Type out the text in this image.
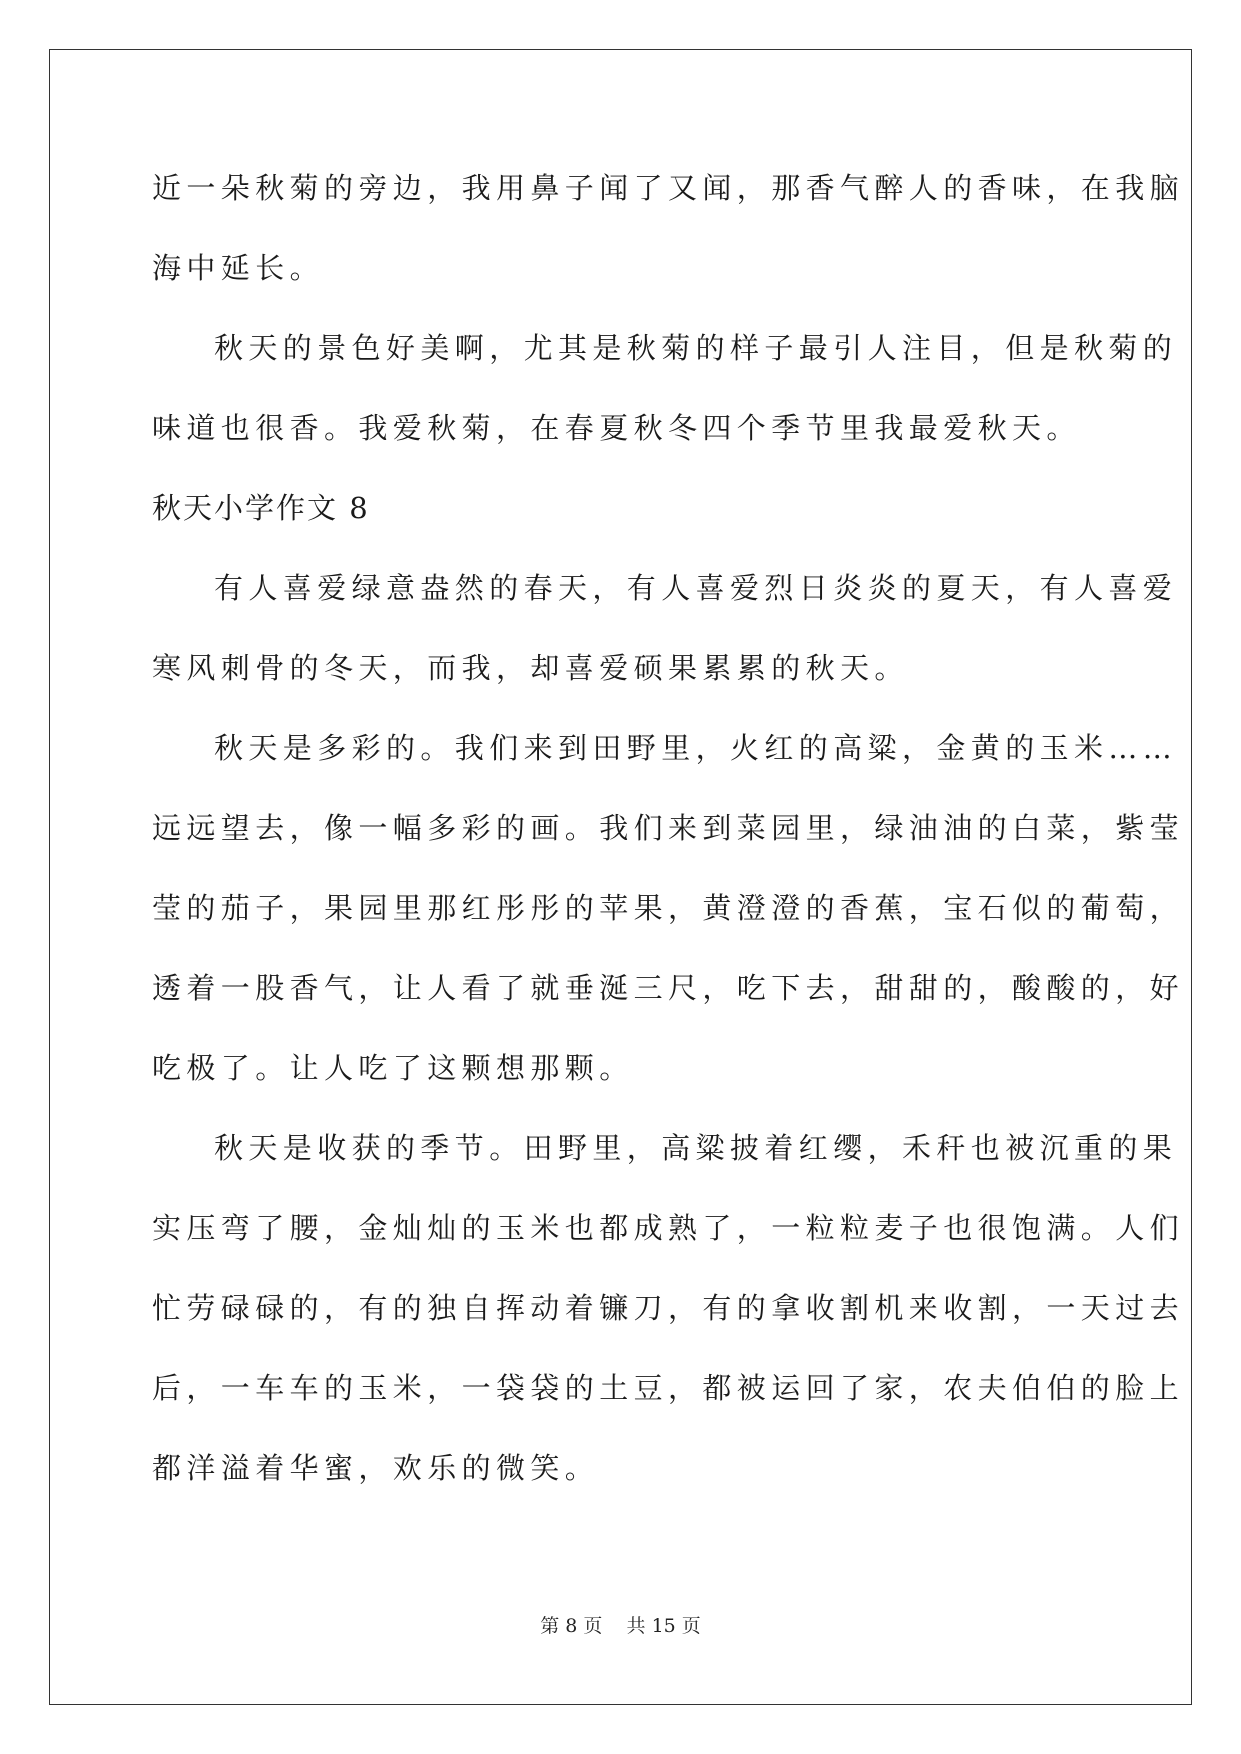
近一朵秋菊的旁边，我用鼻子闻了又闻，那香气醉人的香味，在我脑
海中延长。
秋天的景色好美啊，尤其是秋菊的样子最引人注目，但是秋菊的
味道也很香。我爱秋菊，在春夏秋冬四个季节里我最爱秋天。
秋天小学作文 8
有人喜爱绿意盎然的春天，有人喜爱烈日炎炎的夏天，有人喜爱
寒风刺骨的冬天，而我，却喜爱硕果累累的秋天。
秋天是多彩的。我们来到田野里，火红的高粱，金黄的玉米……
远远望去，像一幅多彩的画。我们来到菜园里，绿油油的白菜，紫莹
莹的茄子，果园里那红彤彤的苹果，黄澄澄的香蕉，宝石似的葡萄，
透着一股香气，让人看了就垂涎三尺，吃下去，甜甜的，酸酸的，好
吃极了。让人吃了这颗想那颗。
秋天是收获的季节。田野里，高粱披着红缨，禾秆也被沉重的果
实压弯了腰，金灿灿的玉米也都成熟了，一粒粒麦子也很饱满。人们
忙劳碌碌的，有的独自挥动着镰刀，有的拿收割机来收割，一天过去
后，一车车的玉米，一袋袋的土豆，都被运回了家，农夫伯伯的脸上
都洋溢着华蜜，欢乐的微笑。
第 8 页    共 15 页
